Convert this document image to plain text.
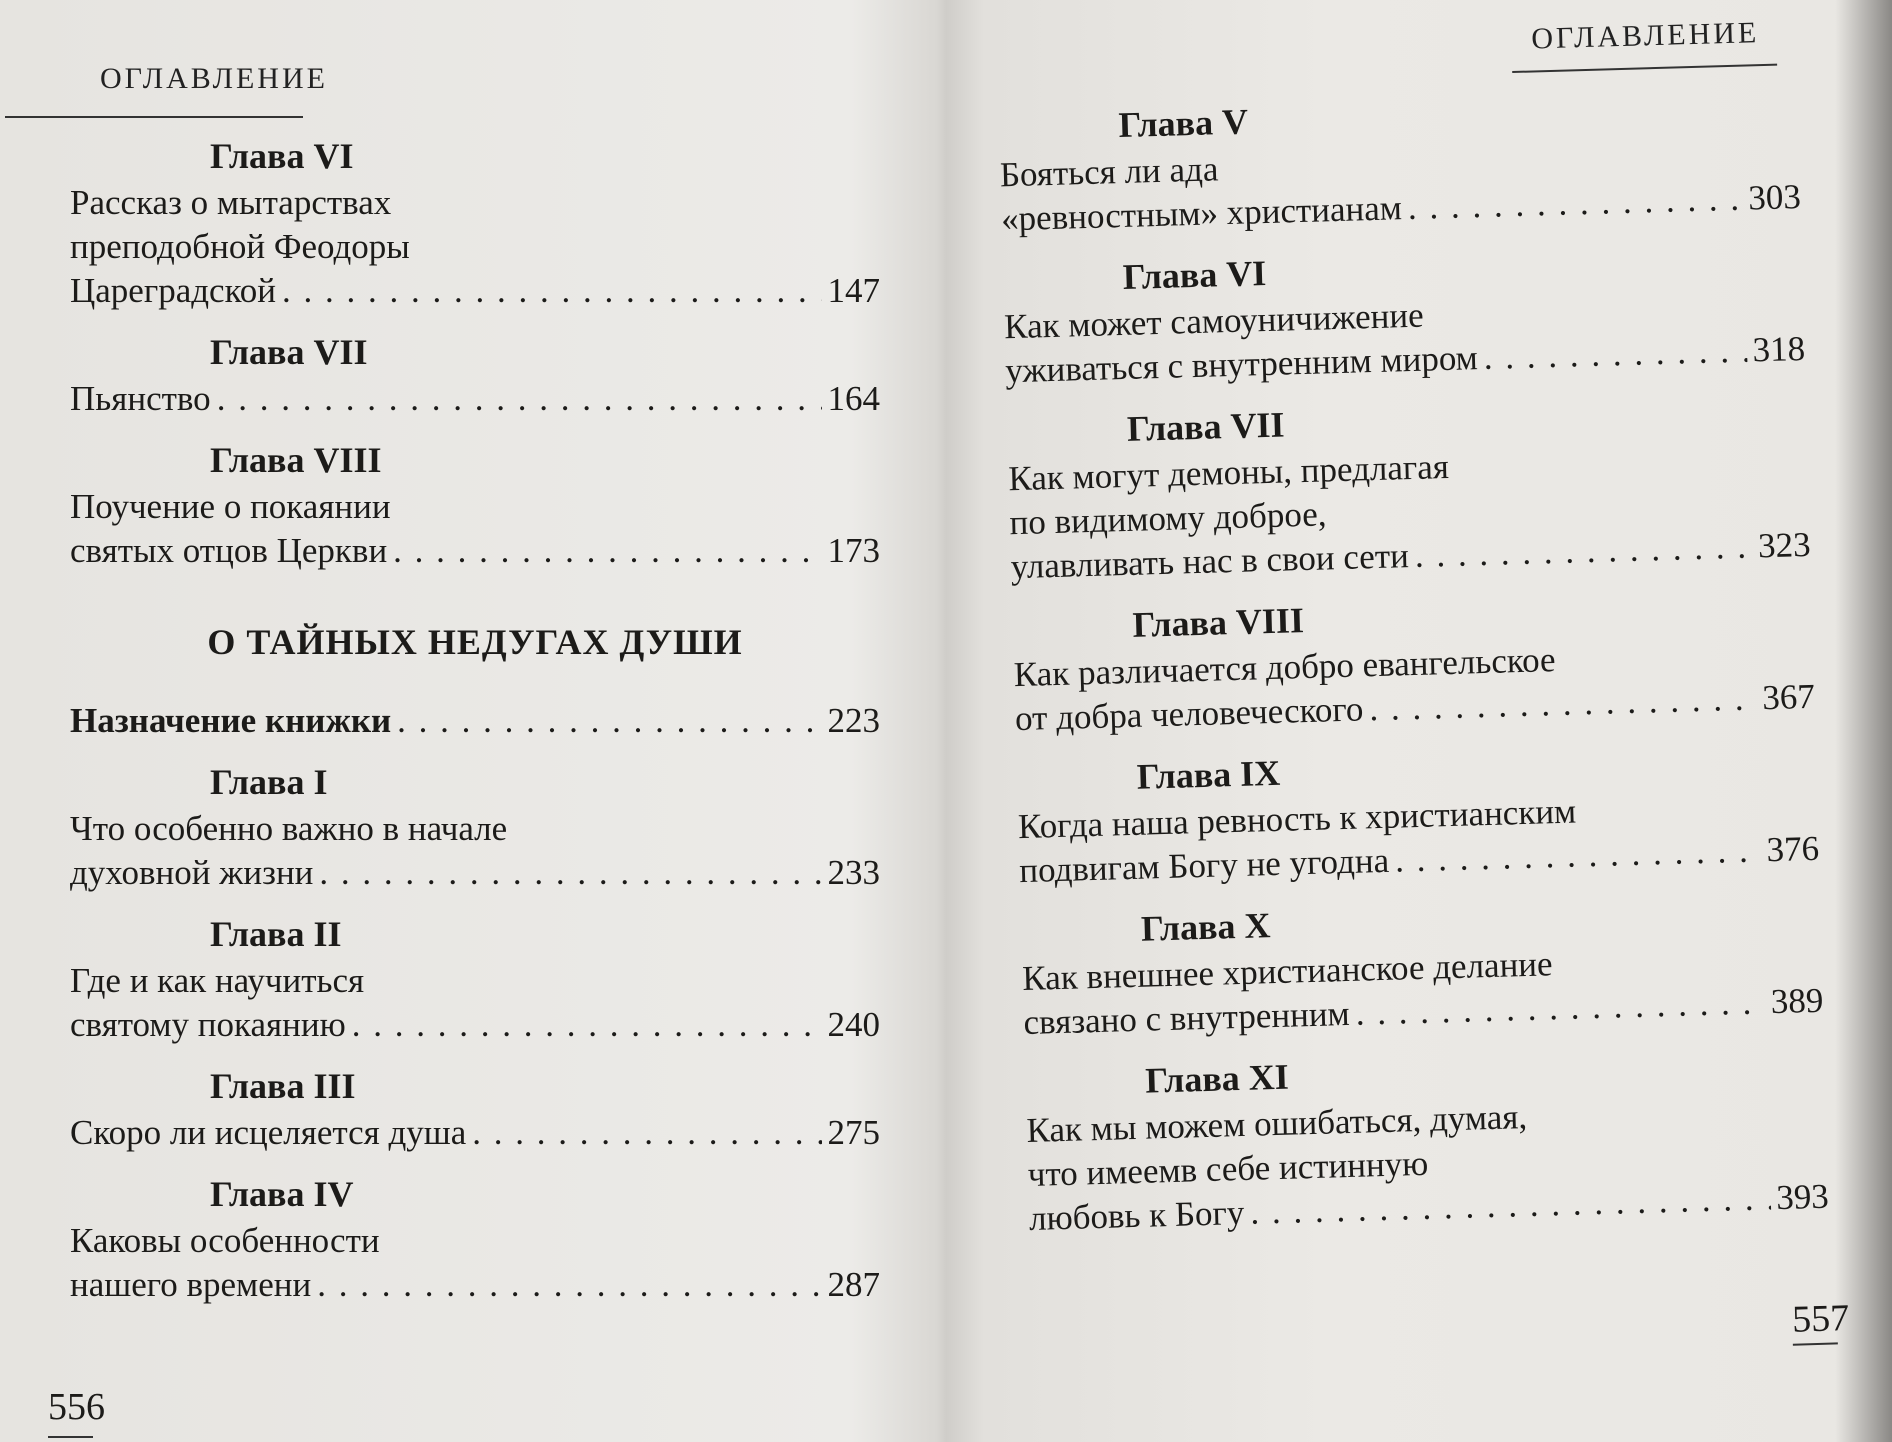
ОГЛАВЛЕНИЕ
Глава VI
Рассказ о мытарствах
преподобной Феодоры
Цареградской . . .	147
Глава VII
Пьянство . . .	164
Глава VIII
Поучение о покаянии
святых отцов Церкви . . .	173
О ТАЙНЫХ НЕДУГАХ ДУШИ
Назначение книжки . . .	223
Глава I
Что особенно важно в начале
духовной жизни . . .	233
Глава II
Где и как научиться
святому покаянию . . .	240
Глава III
Скоро ли исцеляется душа . . .	275
Глава IV
Каковы особенности
нашего времени . . .	287
556
ОГЛАВЛЕНИЕ
Глава V
Бояться ли ада
«ревностным» христианам . . .	303
Глава VI
Как может самоуничижение
уживаться с внутренним миром . . .	318
Глава VII
Как могут демоны, предлагая
по видимому доброе,
улавливать нас в свои сети . . .	323
Глава VIII
Как различается добро евангельское
от добра человеческого . . .	367
Глава IX
Когда наша ревность к христианским
подвигам Богу не угодна . . .	376
Глава X
Как внешнее христианское делание
связано с внутренним . . .	389
Глава XI
Как мы можем ошибаться, думая,
что имеемв себе истинную
любовь к Богу . . .	393
557
